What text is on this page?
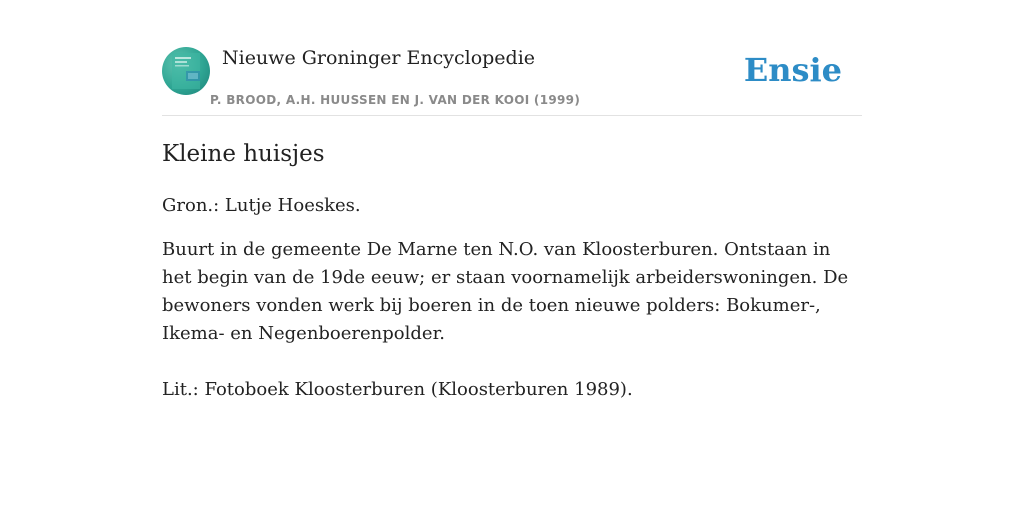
Nieuwe Groninger Encyclopedie
P. BROOD, A.H. HUUSSEN EN J. VAN DER KOOI (1999)
Ensie
Kleine huisjes

Gron.: Lutje Hoeskes.

Buurt in de gemeente De Marne ten N.O. van Kloosterburen. Ontstaan in het begin van de 19de eeuw; er staan voornamelijk arbeiderswoningen. De bewoners vonden werk bij boeren in de toen nieuwe polders: Bokumer-, Ikema- en Negenboerenpolder.

Lit.: Fotoboek Kloosterburen (Kloosterburen 1989).
